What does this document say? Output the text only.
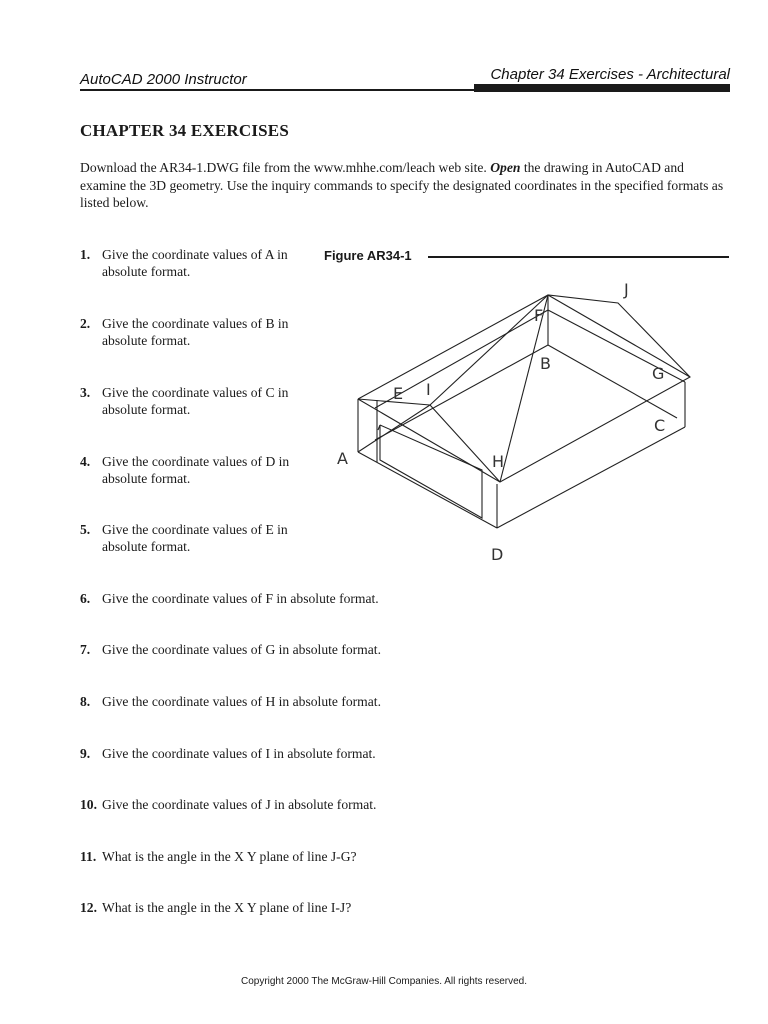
AutoCAD 2000 Instructor	Chapter 34 Exercises - Architectural
CHAPTER 34 EXERCISES
Download the AR34-1.DWG file from the www.mhhe.com/leach web site. Open the drawing in AutoCAD and examine the 3D geometry. Use the inquiry commands to specify the designated coordinates in the specified formats as listed below.
1. Give the coordinate values of A in absolute format.
2. Give the coordinate values of B in absolute format.
3. Give the coordinate values of C in absolute format.
4. Give the coordinate values of D in absolute format.
5. Give the coordinate values of E in absolute format.
6. Give the coordinate values of F in absolute format.
7. Give the coordinate values of G in absolute format.
8. Give the coordinate values of H in absolute format.
9. Give the coordinate values of I in absolute format.
10. Give the coordinate values of J in absolute format.
11. What is the angle in the X Y plane of line J-G?
12. What is the angle in the X Y plane of line I-J?
Figure AR34-1
A
B
C
D
E
F
G
H
I
J
Copyright 2000 The McGraw-Hill Companies. All rights reserved.
